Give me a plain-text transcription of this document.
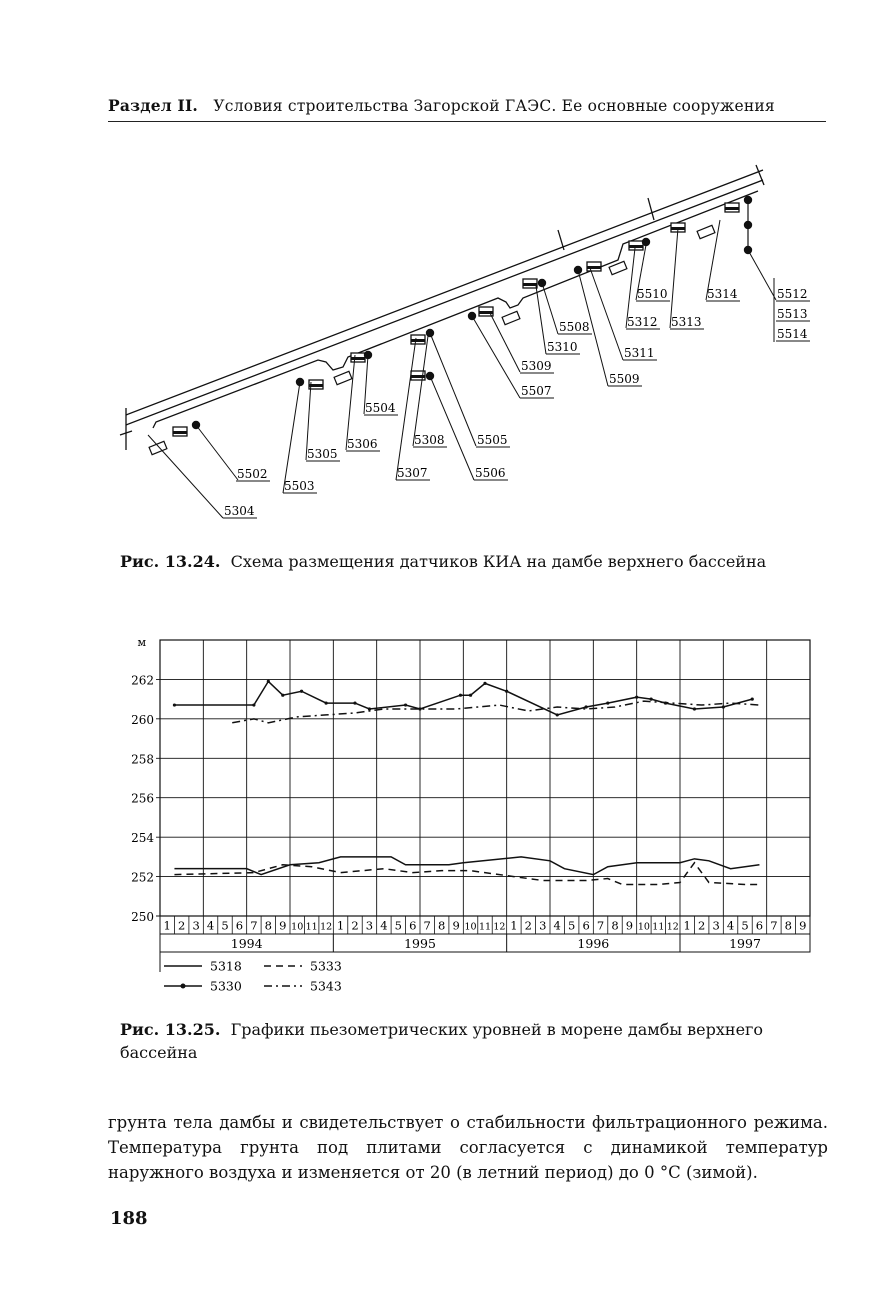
Раздел II. Условия строительства Загорской ГАЭС. Ее основные сооружения
5304
5502
5503
5305
5306
5504
5307
5308	5505
5506
5507
5309
5310
5508
5509
5311
5312 5313
5510	5314	5512
5513
5514
Рис. 13.24. Схема размещения датчиков КИА на дамбе верхнего бассейна
250
252
254
256
258
260
262
м
1 2 3 4 5 6 7 8 9 10 11 12 1 2 3 4 5 6 7 8 9 10 11 12 1 2 3 4 5 6 7 8 9 10 11 12 1 2 3 4 5 6 7 8 9
1994	1995	1996	1997
5318	5333
5330	5343
Рис. 13.25. Графики пьезометрических уровней в морене дамбы верхнего бассейна
грунта тела дамбы и свидетельствует о стабильности фильтрационного режима. Температура грунта под плитами согласуется с динамикой температур наружного воздуха и изменяется от 20 (в летний период) до 0 °C (зимой).
188
